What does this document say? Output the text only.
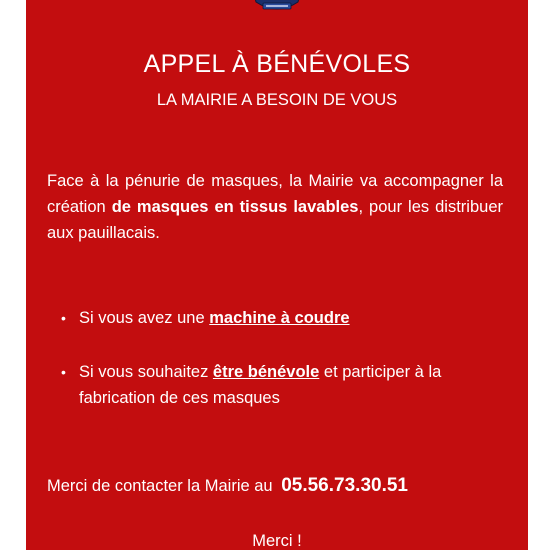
APPEL À BÉNÉVOLES
LA MAIRIE A BESOIN DE VOUS
Face à la pénurie de masques, la Mairie va accompagner la création de masques en tissus lavables, pour les distribuer aux pauillacais.
• Si vous avez une machine à coudre
• Si vous souhaitez être bénévole et participer à la fabrication de ces masques
Merci de contacter la Mairie au 05.56.73.30.51
Merci !
